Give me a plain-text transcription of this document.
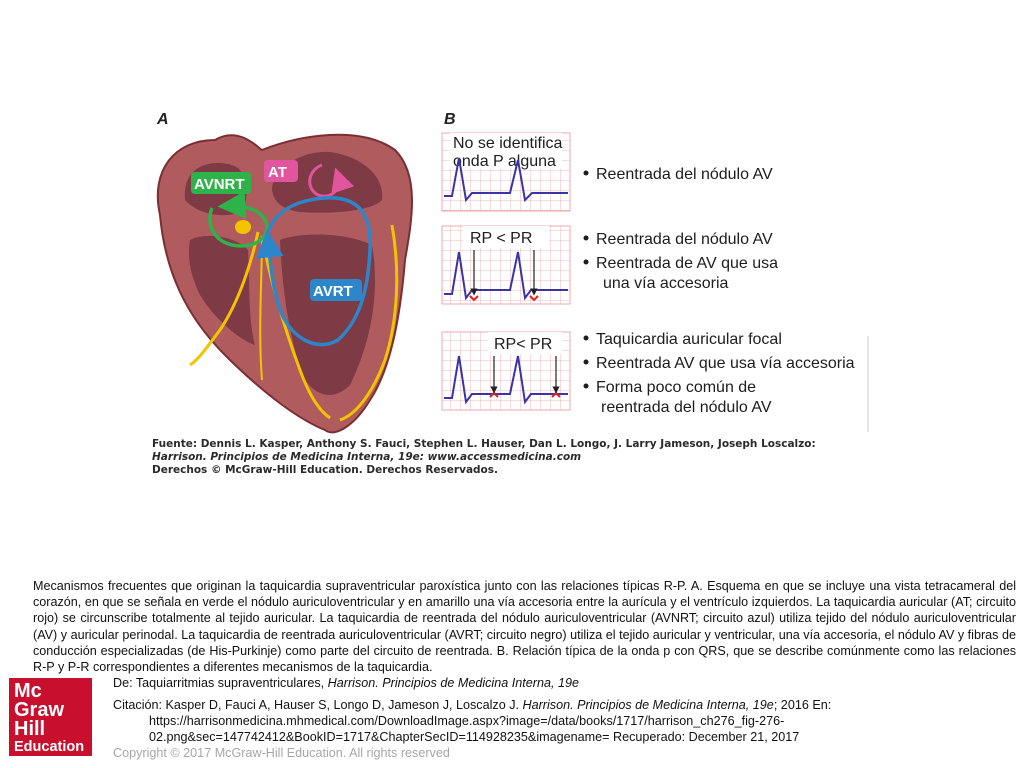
A	B
AVNRT
AT
AVRT
No se identifica
onda P alguna
RP < PR
RP< PR
Reentrada del nódulo AV
Reentrada del nódulo AV
Reentrada de AV que usa
una vía accesoria
Taquicardia auricular focal
Reentrada AV que usa vía accesoria
Forma poco común de
reentrada del nódulo AV
Fuente: Dennis L. Kasper, Anthony S. Fauci, Stephen L. Hauser, Dan L. Longo, J. Larry Jameson, Joseph Loscalzo:
Harrison. Principios de Medicina Interna, 19e: www.accessmedicina.com
Derechos © McGraw-Hill Education. Derechos Reservados.
Mecanismos frecuentes que originan la taquicardia supraventricular paroxística junto con las relaciones típicas R-P. A. Esquema en que se incluye una vista tetracameral del corazón, en que se señala en verde el nódulo auriculoventricular y en amarillo una vía accesoria entre la aurícula y el ventrículo izquierdos. La taquicardia auricular (AT; circuito rojo) se circunscribe totalmente al tejido auricular. La taquicardia de reentrada del nódulo auriculoventricular (AVNRT; circuito azul) utiliza tejido del nódulo auriculoventricular (AV) y auricular perinodal. La taquicardia de reentrada auriculoventricular (AVRT; circuito negro) utiliza el tejido auricular y ventricular, una vía accesoria, el nódulo AV y fibras de conducción especializadas (de His-Purkinje) como parte del circuito de reentrada. B. Relación típica de la onda p con QRS, que se describe comúnmente como las relaciones R-P y P-R correspondientes a diferentes mecanismos de la taquicardia.
De: Taquiarritmias supraventriculares, Harrison. Principios de Medicina Interna, 19e
Citación: Kasper D, Fauci A, Hauser S, Longo D, Jameson J, Loscalzo J. Harrison. Principios de Medicina Interna, 19e; 2016 En:
https://harrisonmedicina.mhmedical.com/DownloadImage.aspx?image=/data/books/1717/harrison_ch276_fig-276-
02.png&sec=147742412&BookID=1717&ChapterSecID=114928235&imagename= Recuperado: December 21, 2017
Copyright © 2017 McGraw-Hill Education. All rights reserved
Mc
Graw
Hill
Education
